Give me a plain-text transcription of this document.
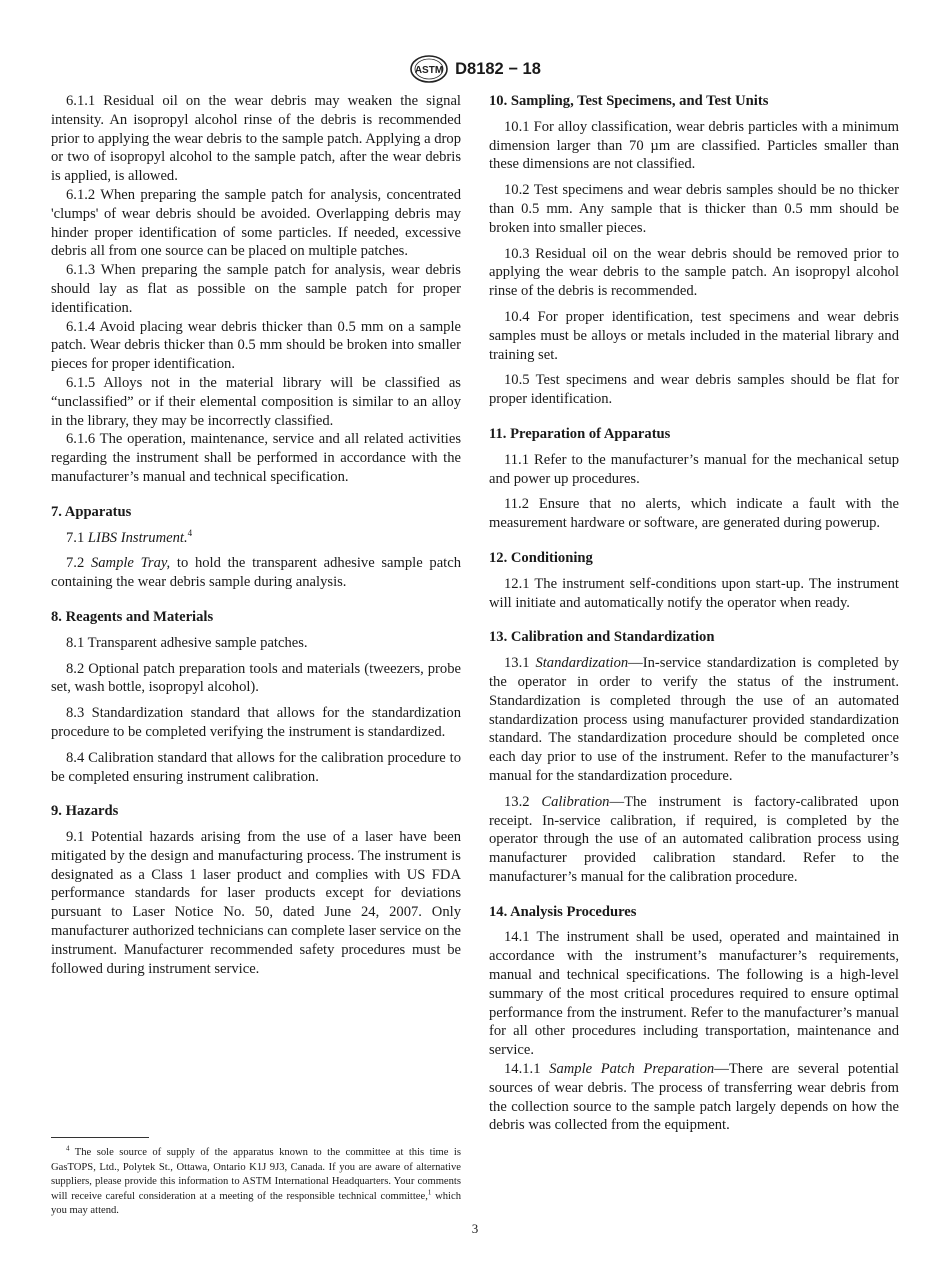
ASTM D8182 − 18

6.1.1 Residual oil on the wear debris may weaken the signal intensity. An isopropyl alcohol rinse of the debris is recommended prior to applying the wear debris to the sample patch. Applying a drop or two of isopropyl alcohol to the sample patch, after the wear debris is applied, is allowed.

6.1.2 When preparing the sample patch for analysis, concentrated 'clumps' of wear debris should be avoided. Overlapping debris may hinder proper identification of some particles. If needed, excessive debris all from one source can be placed on multiple patches.

6.1.3 When preparing the sample patch for analysis, wear debris should lay as flat as possible on the sample patch for proper identification.

6.1.4 Avoid placing wear debris thicker than 0.5 mm on a sample patch. Wear debris thicker than 0.5 mm should be broken into smaller pieces for proper identification.

6.1.5 Alloys not in the material library will be classified as “unclassified” or if their elemental composition is similar to an alloy in the library, they may be incorrectly classified.

6.1.6 The operation, maintenance, service and all related activities regarding the instrument shall be performed in accordance with the manufacturer’s manual and technical specification.

7. Apparatus

7.1 LIBS Instrument.$^4$

7.2 Sample Tray, to hold the transparent adhesive sample patch containing the wear debris sample during analysis.

8. Reagents and Materials

8.1 Transparent adhesive sample patches.

8.2 Optional patch preparation tools and materials (tweezers, probe set, wash bottle, isopropyl alcohol).

8.3 Standardization standard that allows for the standardization procedure to be completed verifying the instrument is standardized.

8.4 Calibration standard that allows for the calibration procedure to be completed ensuring instrument calibration.

9. Hazards

9.1 Potential hazards arising from the use of a laser have been mitigated by the design and manufacturing process. The instrument is designated as a Class 1 laser product and complies with US FDA performance standards for laser products except for deviations pursuant to Laser Notice No. 50, dated June 24, 2007. Only manufacturer authorized technicians can complete laser service on the instrument. Manufacturer recommended safety procedures must be followed during instrument service.

$^4$ The sole source of supply of the apparatus known to the committee at this time is GasTOPS, Ltd., Polytek St., Ottawa, Ontario K1J 9J3, Canada. If you are aware of alternative suppliers, please provide this information to ASTM International Headquarters. Your comments will receive careful consideration at a meeting of the responsible technical committee,$^1$ which you may attend.

10. Sampling, Test Specimens, and Test Units

10.1 For alloy classification, wear debris particles with a minimum dimension larger than 70 µm are classified. Particles smaller than these dimensions are not classified.

10.2 Test specimens and wear debris samples should be no thicker than 0.5 mm. Any sample that is thicker than 0.5 mm should be broken into smaller pieces.

10.3 Residual oil on the wear debris should be removed prior to applying the wear debris to the sample patch. An isopropyl alcohol rinse of the debris is recommended.

10.4 For proper identification, test specimens and wear debris samples must be alloys or metals included in the material library and training set.

10.5 Test specimens and wear debris samples should be flat for proper identification.

11. Preparation of Apparatus

11.1 Refer to the manufacturer’s manual for the mechanical setup and power up procedures.

11.2 Ensure that no alerts, which indicate a fault with the measurement hardware or software, are generated during powerup.

12. Conditioning

12.1 The instrument self-conditions upon start-up. The instrument will initiate and automatically notify the operator when ready.

13. Calibration and Standardization

13.1 Standardization—In-service standardization is completed by the operator in order to verify the status of the instrument. Standardization is completed through the use of an automated standardization process using manufacturer provided standardization standard. The standardization procedure should be completed once each day prior to use of the instrument. Refer to the manufacturer’s manual for the standardization procedure.

13.2 Calibration—The instrument is factory-calibrated upon receipt. In-service calibration, if required, is completed by the operator through the use of an automated calibration process using manufacturer provided calibration standard. Refer to the manufacturer’s manual for the calibration procedure.

14. Analysis Procedures

14.1 The instrument shall be used, operated and maintained in accordance with the instrument’s manufacturer’s requirements, manual and technical specifications. The following is a high-level summary of the most critical procedures required to ensure optimal performance from the instrument. Refer to the manufacturer’s manual for all other procedures including transportation, maintenance and service.

14.1.1 Sample Patch Preparation—There are several potential sources of wear debris. The process of transferring wear debris from the collection source to the sample patch largely depends on how the debris was collected from the equipment.

3
